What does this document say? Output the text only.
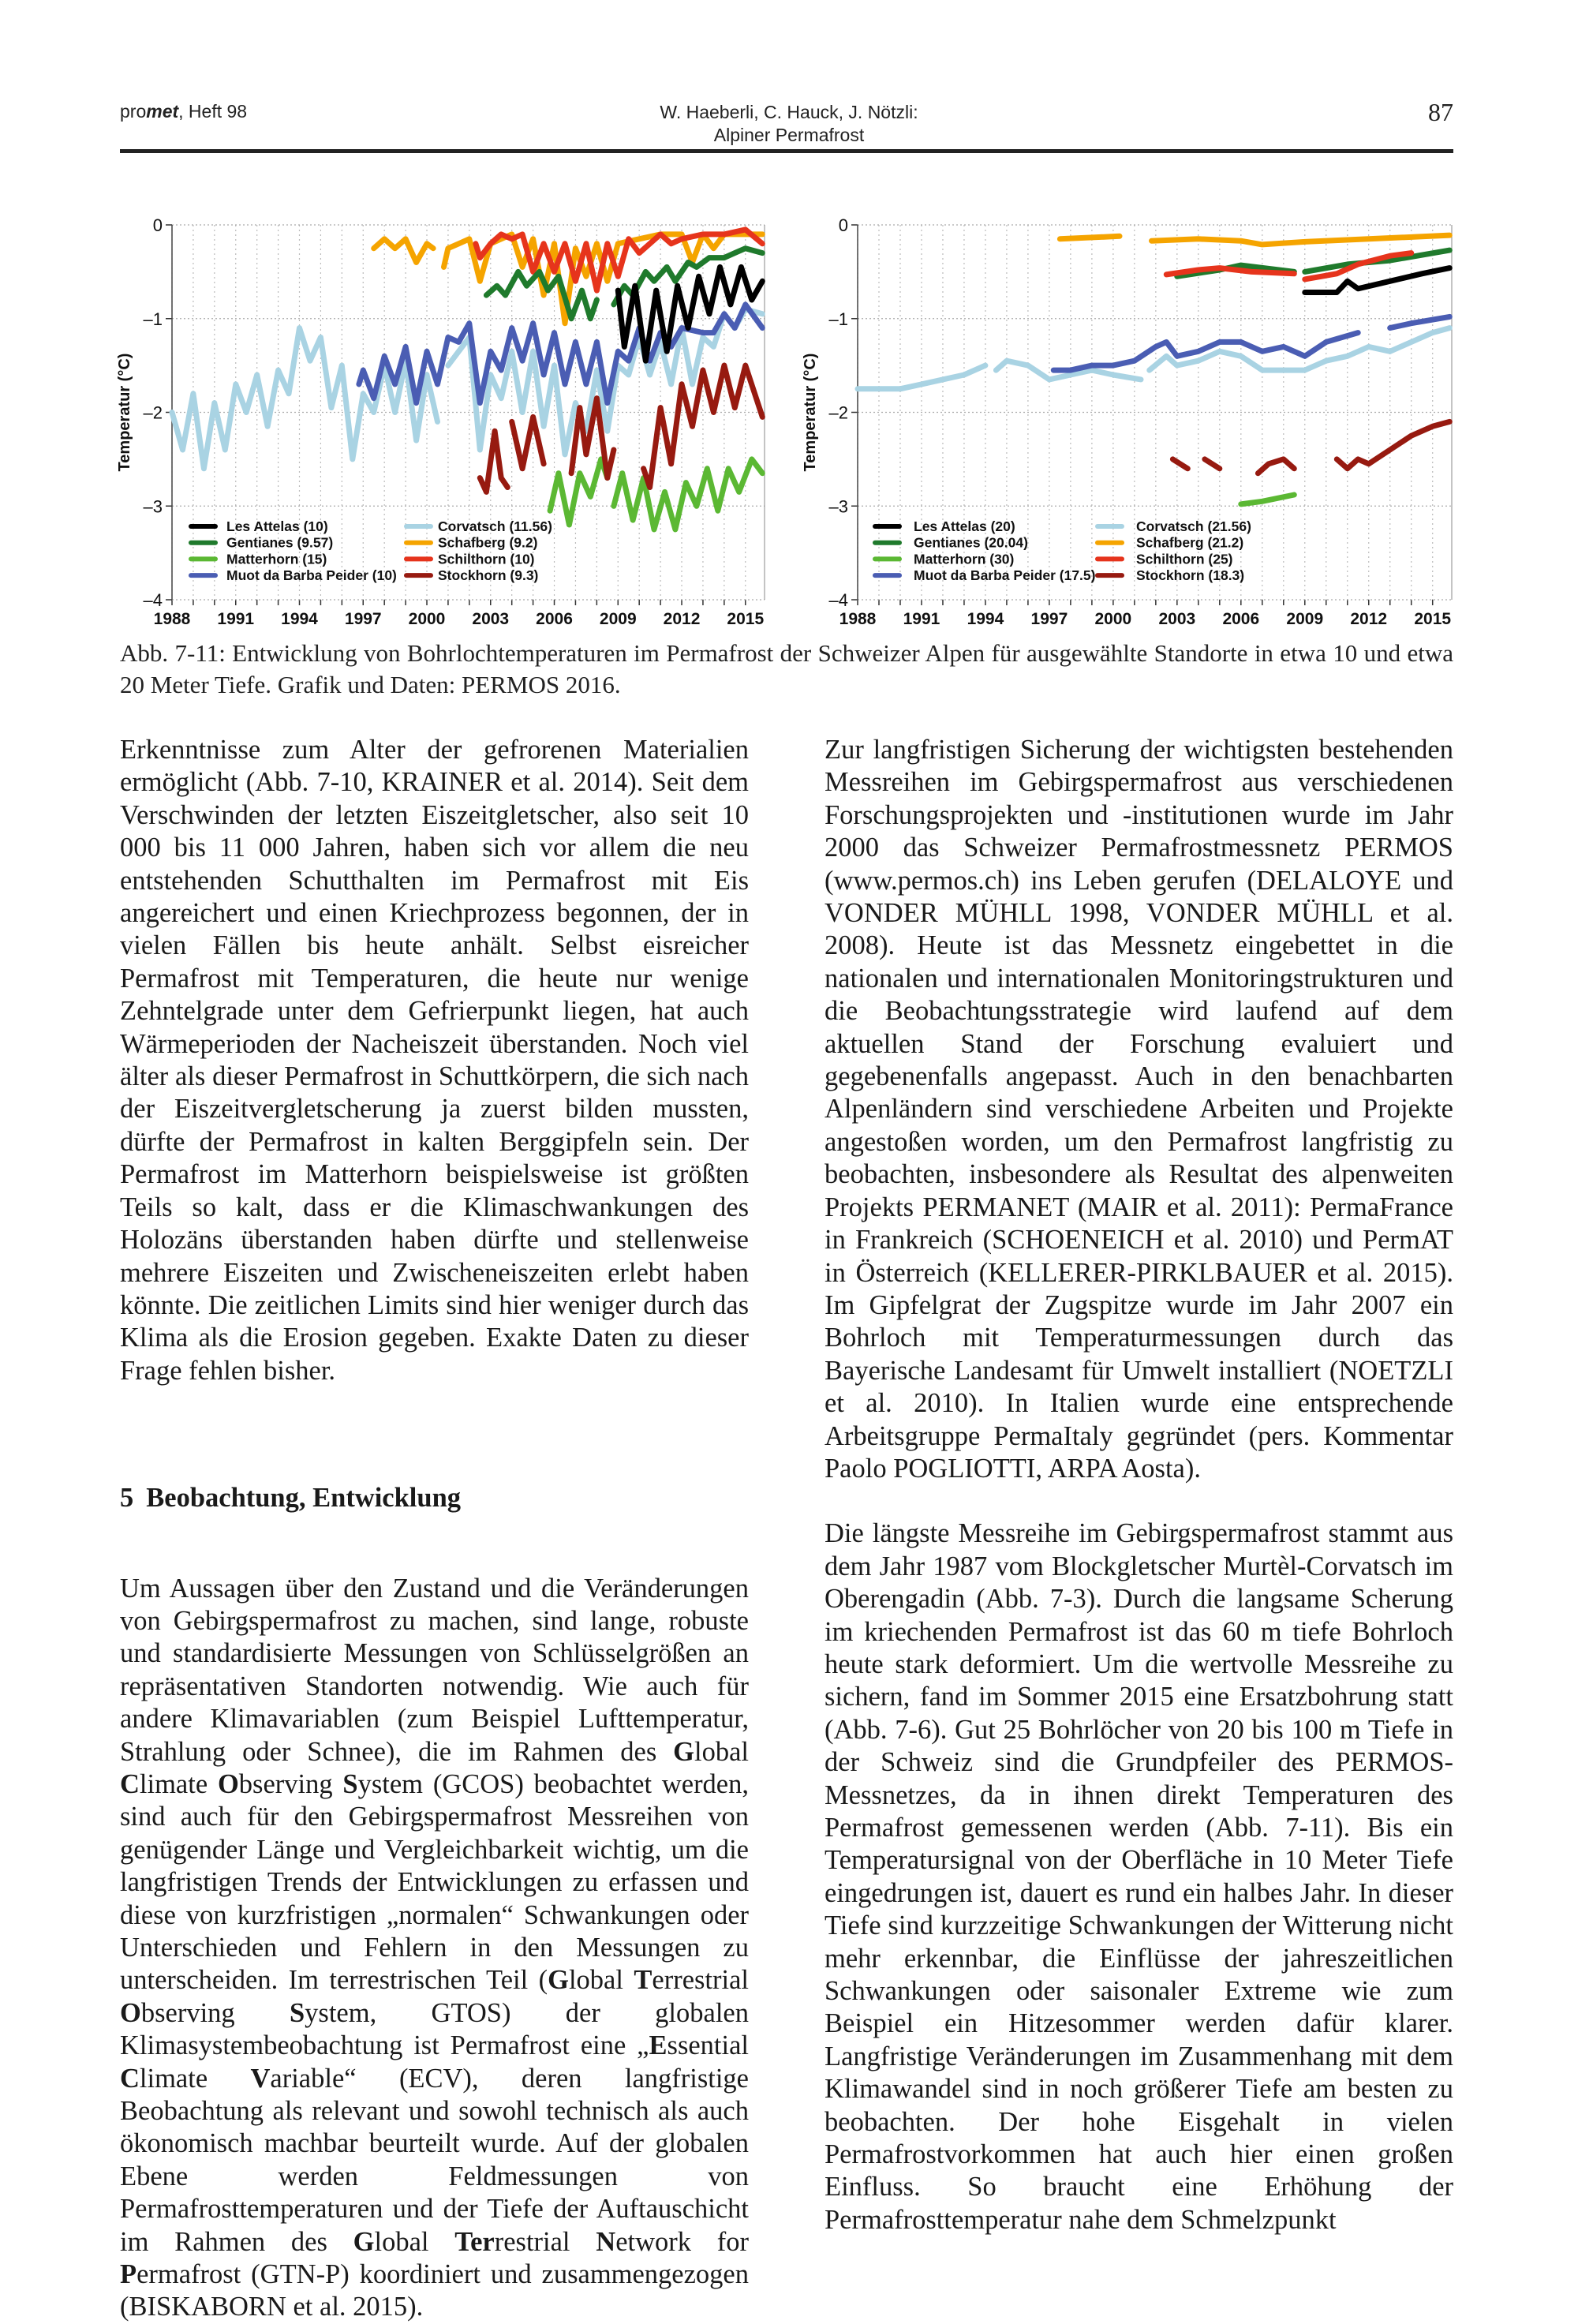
promet, Heft 98	W. Haeberli, C. Hauck, J. Nötzli:
Alpiner Permafrost
87
0
–1
–2
–3
–4
1988 1991 1994 1997 2000 2003 2006 2009 2012 2015
Temperatur (°C)
Les Attelas (10)
Gentianes (9.57)
Matterhorn (15)
Muot da Barba Peider (10)
Corvatsch (11.56)
Schafberg (9.2)
Schilthorn (10)
Stockhorn (9.3)
0
–1
–2
–3
–4
1988 1991 1994 1997 2000 2003 2006 2009 2012 2015
Temperatur (°C)
Les Attelas (20)
Gentianes (20.04)
Matterhorn (30)
Muot da Barba Peider (17.5)
Corvatsch (21.56)
Schafberg (21.2)
Schilthorn (25)
Stockhorn (18.3)
Abb. 7-11: Entwicklung von Bohrlochtemperaturen im Permafrost der Schweizer Alpen für ausgewählte Standorte in etwa 10 und etwa 20 Meter Tiefe. Grafik und Daten: PERMOS 2016.

Erkenntnisse zum Alter der gefrorenen Materialien ermöglicht (Abb. 7-10, KRAINER et al. 2014). Seit dem Verschwinden der letzten Eiszeitgletscher, also seit 10 000 bis 11 000 Jahren, haben sich vor allem die neu entstehenden Schutthalten im Permafrost mit Eis angereichert und einen Kriechprozess begonnen, der in vielen Fällen bis heute anhält. Selbst eisreicher Permafrost mit Temperaturen, die heute nur wenige Zehntelgrade unter dem Gefrierpunkt liegen, hat auch Wärmeperioden der Nacheiszeit überstanden. Noch viel älter als dieser Permafrost in Schuttkörpern, die sich nach der Eiszeitvergletscherung ja zuerst bilden mussten, dürfte der Permafrost in kalten Berggipfeln sein. Der Permafrost im Matterhorn beispielsweise ist größten Teils so kalt, dass er die Klimaschwankungen des Holozäns überstanden haben dürfte und stellenweise mehrere Eiszeiten und Zwischeneiszeiten erlebt haben könnte. Die zeitlichen Limits sind hier weniger durch das Klima als die Erosion gegeben. Exakte Daten zu dieser Frage fehlen bisher.

5 Beobachtung, Entwicklung

Um Aussagen über den Zustand und die Veränderungen von Gebirgspermafrost zu machen, sind lange, robuste und standardisierte Messungen von Schlüsselgrößen an repräsentativen Standorten notwendig. Wie auch für andere Klimavariablen (zum Beispiel Lufttemperatur, Strahlung oder Schnee), die im Rahmen des Global Climate Observing System (GCOS) beobachtet werden, sind auch für den Gebirgspermafrost Messreihen von genügender Länge und Vergleichbarkeit wichtig, um die langfristigen Trends der Entwicklungen zu erfassen und diese von kurzfristigen „normalen“ Schwankungen oder Unterschieden und Fehlern in den Messungen zu unterscheiden. Im terrestrischen Teil (Global Terrestrial Observing System, GTOS) der globalen Klimasystembeobachtung ist Permafrost eine „Essential Climate Variable“ (ECV), deren langfristige Beobachtung als relevant und sowohl technisch als auch ökonomisch machbar beurteilt wurde. Auf der globalen Ebene werden Feldmessungen von Permafrosttemperaturen und der Tiefe der Auftauschicht im Rahmen des Global Terrestrial Network for Permafrost (GTN-P) koordiniert und zusammengezogen (BISKABORN et al. 2015).

Zur langfristigen Sicherung der wichtigsten bestehenden Messreihen im Gebirgspermafrost aus verschiedenen Forschungsprojekten und -institutionen wurde im Jahr 2000 das Schweizer Permafrostmessnetz PERMOS (www.permos.ch) ins Leben gerufen (DELALOYE und VONDER MÜHLL 1998, VONDER MÜHLL et al. 2008). Heute ist das Messnetz eingebettet in die nationalen und internationalen Monitoringstrukturen und die Beobachtungsstrategie wird laufend auf dem aktuellen Stand der Forschung evaluiert und gegebenenfalls angepasst. Auch in den benachbarten Alpenländern sind verschiedene Arbeiten und Projekte angestoßen worden, um den Permafrost langfristig zu beobachten, insbesondere als Resultat des alpenweiten Projekts PERMANET (MAIR et al. 2011): PermaFrance in Frankreich (SCHOENEICH et al. 2010) und PermAT in Österreich (KELLERER-PIRKLBAUER et al. 2015). Im Gipfelgrat der Zugspitze wurde im Jahr 2007 ein Bohrloch mit Temperaturmessungen durch das Bayerische Landesamt für Umwelt installiert (NOETZLI et al. 2010). In Italien wurde eine entsprechende Arbeitsgruppe PermaItaly gegründet (pers. Kommentar Paolo POGLIOTTI, ARPA Aosta).

Die längste Messreihe im Gebirgspermafrost stammt aus dem Jahr 1987 vom Blockgletscher Murtèl-Corvatsch im Oberengadin (Abb. 7-3). Durch die langsame Scherung im kriechenden Permafrost ist das 60 m tiefe Bohrloch heute stark deformiert. Um die wertvolle Messreihe zu sichern, fand im Sommer 2015 eine Ersatzbohrung statt (Abb. 7-6). Gut 25 Bohrlöcher von 20 bis 100 m Tiefe in der Schweiz sind die Grundpfeiler des PERMOS-Messnetzes, da in ihnen direkt Temperaturen des Permafrost gemessenen werden (Abb. 7-11). Bis ein Temperatursignal von der Oberfläche in 10 Meter Tiefe eingedrungen ist, dauert es rund ein halbes Jahr. In dieser Tiefe sind kurzzeitige Schwankungen der Witterung nicht mehr erkennbar, die Einflüsse der jahreszeitlichen Schwankungen oder saisonaler Extreme wie zum Beispiel ein Hitzesommer werden dafür klarer. Langfristige Veränderungen im Zusammenhang mit dem Klimawandel sind in noch größerer Tiefe am besten zu beobachten. Der hohe Eisgehalt in vielen Permafrostvorkommen hat auch hier einen großen Einfluss. So braucht eine Erhöhung der Permafrosttemperatur nahe dem Schmelzpunkt
